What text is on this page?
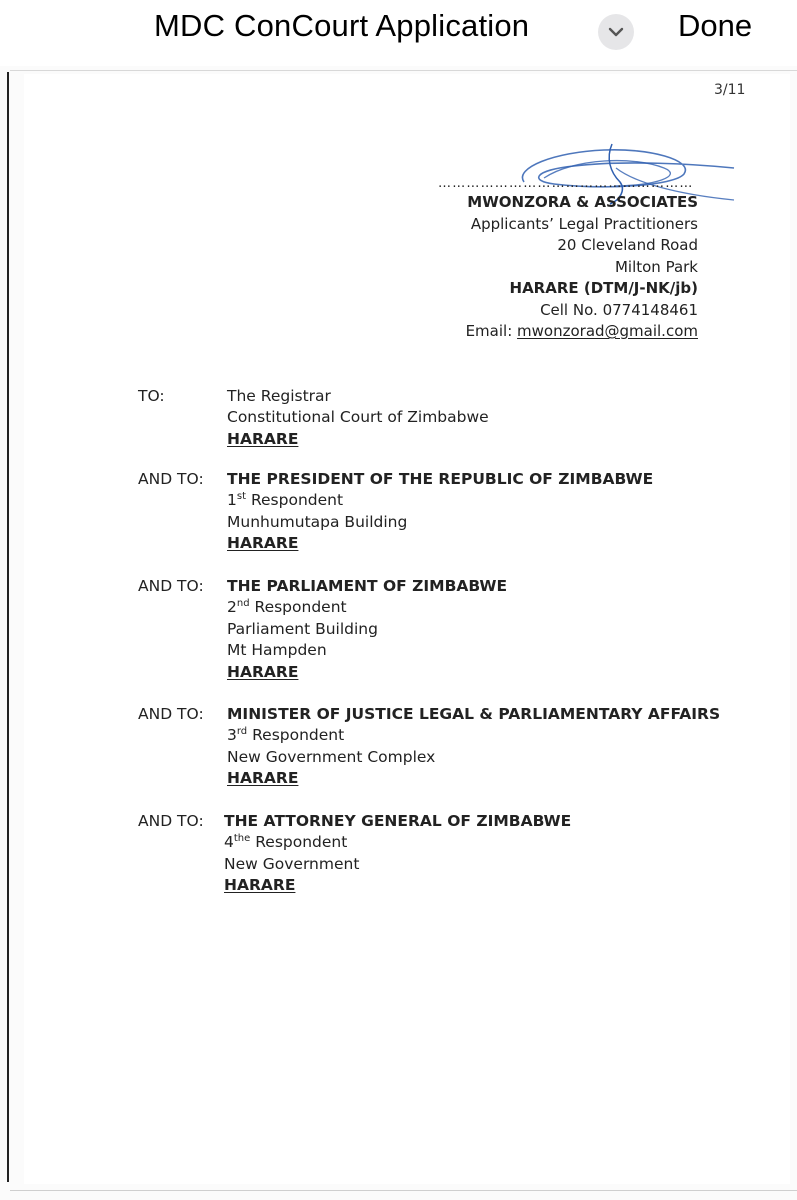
MDC ConCourt Application	Done
3/11
………………………………………………
MWONZORA & ASSOCIATES
Applicants’ Legal Practitioners
20 Cleveland Road
Milton Park
HARARE (DTM/J-NK/jb)
Cell No. 0774148461
Email: mwonzorad@gmail.com
TO:	The Registrar
Constitutional Court of Zimbabwe
HARARE
AND TO: THE PRESIDENT OF THE REPUBLIC OF ZIMBABWE
1st Respondent
Munhumutapa Building
HARARE
AND TO: THE PARLIAMENT OF ZIMBABWE
2nd Respondent
Parliament Building
Mt Hampden
HARARE
AND TO: MINISTER OF JUSTICE LEGAL & PARLIAMENTARY AFFAIRS
3rd Respondent
New Government Complex
HARARE
AND TO: THE ATTORNEY GENERAL OF ZIMBABWE
$4^{the}$ Respondent
New Government
HARARE
